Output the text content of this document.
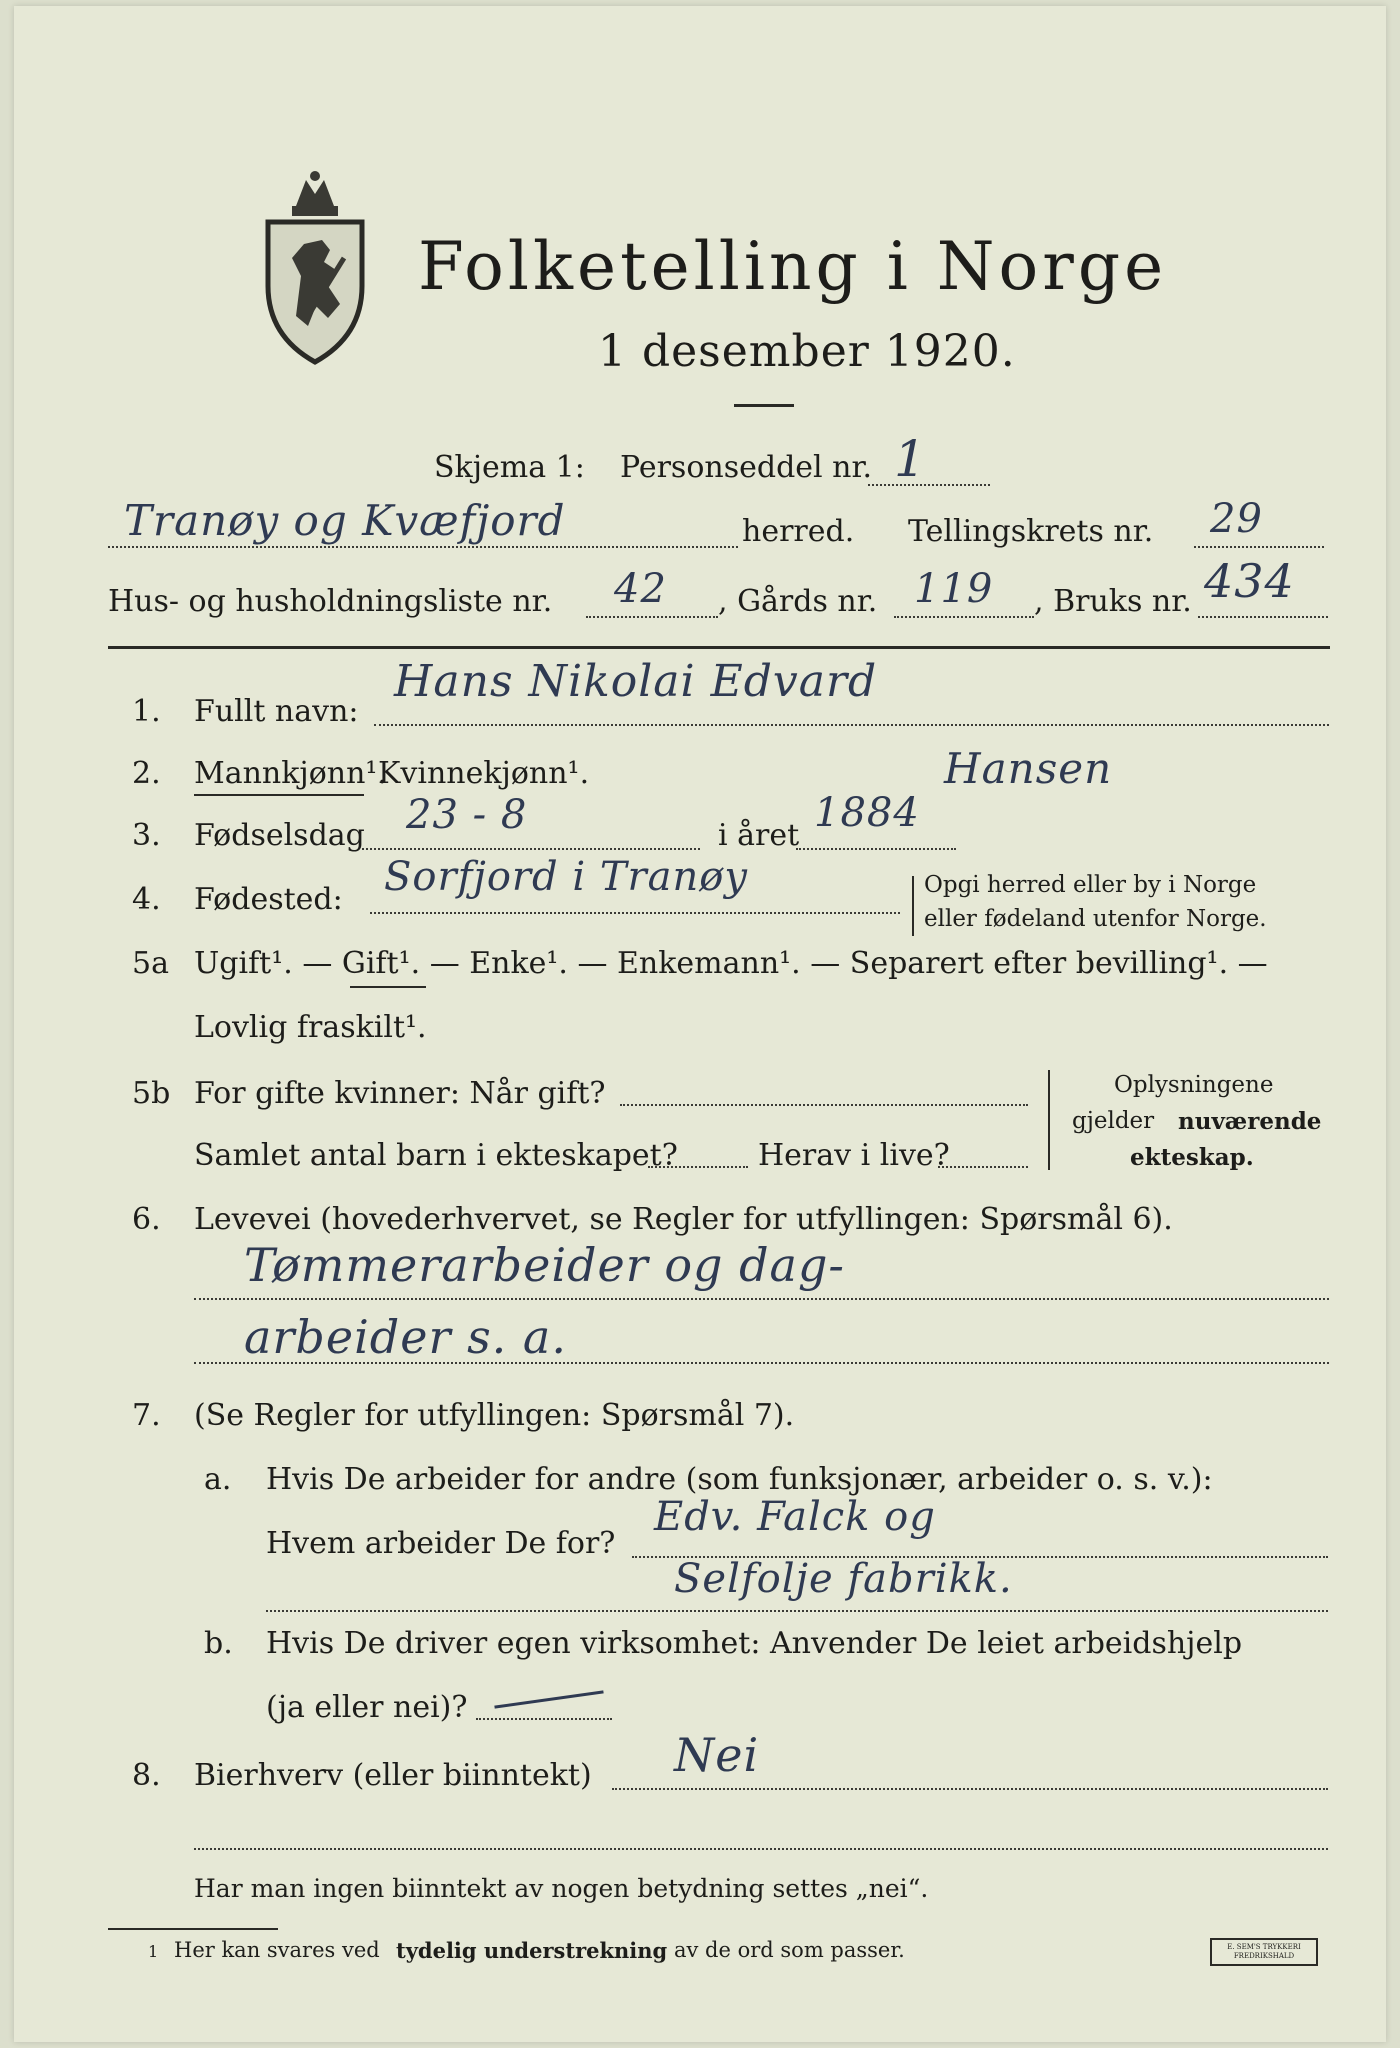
Folketelling i Norge
1 desember 1920.
Skjema 1: Personseddel nr. 1
Tranøy og Kvæfjord	herred. Tellingskrets nr. 29
Hus- og husholdningsliste nr. 42 , Gårds nr. 119 , Bruks nr. 434
1. Fullt navn:
Hans Nikolai Edvard
Hansen
2. Mannkjønn¹.
Kvinnekjønn¹.
3. Fødselsdag 23 - 8	i året 1884
4. Fødested: Sorfjord i Tranøy	Opgi herred eller by i Norge
eller fødeland utenfor Norge.
5a Ugift¹. — Gift¹. — Enke¹. — Enkemann¹. — Separert efter bevilling¹. —
Lovlig fraskilt¹.
5b For gifte kvinner: Når gift?
Samlet antal barn i ekteskapet?	Herav i live?
Oplysningene
gjelder nuværende
ekteskap.
6. Levevei (hovederhvervet, se Regler for utfyllingen: Spørsmål 6).
Tømmerarbeider og dag-
arbeider s. a.
7. (Se Regler for utfyllingen: Spørsmål 7).
a. Hvis De arbeider for andre (som funksjonær, arbeider o. s. v.):
Hvem arbeider De for?
Edv. Falck og
Selfolje fabrikk.
b. Hvis De driver egen virksomhet: Anvender De leiet arbeidshjelp
(ja eller nei)?
8. Bierhverv (eller biinntekt) Nei
Har man ingen biinntekt av nogen betydning settes „nei“.
1 Her kan svares ved tydelig understrekning av de ord som passer.	E. SEM'S TRYKKERI FREDRIKSHALD
